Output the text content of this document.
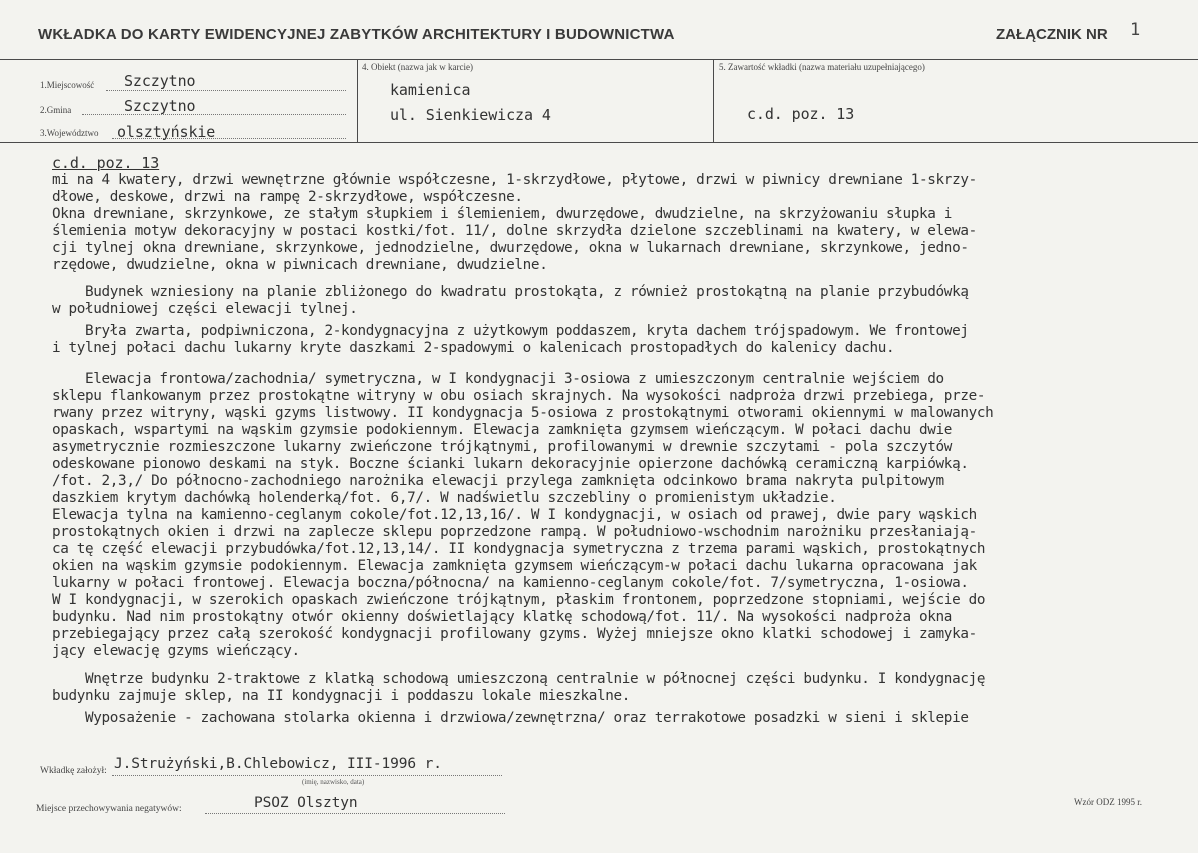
WKŁADKA DO KARTY EWIDENCYJNEJ ZABYTKÓW ARCHITEKTURY I BUDOWNICTWA	ZAŁĄCZNIK NR 1
1.Miejscowość Szczytno
2.Gmina	Szczytno
3.Województwo olsztyńskie
4. Obiekt (nazwa jak w karcie)
kamienica
ul. Sienkiewicza 4
5. Zawartość wkładki (nazwa materiału uzupełniającego)
c.d. poz. 13
c.d. poz. 13
mi na 4 kwatery, drzwi wewnętrzne głównie współczesne, 1-skrzydłowe, płytowe, drzwi w piwnicy drewniane 1-skrzy-
dłowe, deskowe, drzwi na rampę 2-skrzydłowe, współczesne.
Okna drewniane, skrzynkowe, ze stałym słupkiem i ślemieniem, dwurzędowe, dwudzielne, na skrzyżowaniu słupka i
ślemienia motyw dekoracyjny w postaci kostki/fot. 11/, dolne skrzydła dzielone szczeblinami na kwatery, w elewa-
cji tylnej okna drewniane, skrzynkowe, jednodzielne, dwurzędowe, okna w lukarnach drewniane, skrzynkowe, jedno-
rzędowe, dwudzielne, okna w piwnicach drewniane, dwudzielne.
Budynek wzniesiony na planie zbliżonego do kwadratu prostokąta, z również prostokątną na planie przybudówką
w południowej części elewacji tylnej.
Bryła zwarta, podpiwniczona, 2-kondygnacyjna z użytkowym poddaszem, kryta dachem trójspadowym. We frontowej
i tylnej połaci dachu lukarny kryte daszkami 2-spadowymi o kalenicach prostopadłych do kalenicy dachu.
Elewacja frontowa/zachodnia/ symetryczna, w I kondygnacji 3-osiowa z umieszczonym centralnie wejściem do
sklepu flankowanym przez prostokątne witryny w obu osiach skrajnych. Na wysokości nadproża drzwi przebiega, prze-
rwany przez witryny, wąski gzyms listwowy. II kondygnacja 5-osiowa z prostokątnymi otworami okiennymi w malowanych
opaskach, wspartymi na wąskim gzymsie podokiennym. Elewacja zamknięta gzymsem wieńczącym. W połaci dachu dwie
asymetrycznie rozmieszczone lukarny zwieńczone trójkątnymi, profilowanymi w drewnie szczytami - pola szczytów
odeskowane pionowo deskami na styk. Boczne ścianki lukarn dekoracyjnie opierzone dachówką ceramiczną karpiówką.
/fot. 2,3,/ Do północno-zachodniego narożnika elewacji przylega zamknięta odcinkowo brama nakryta pulpitowym
daszkiem krytym dachówką holenderką/fot. 6,7/. W nadświetlu szczebliny o promienistym układzie.
Elewacja tylna na kamienno-ceglanym cokole/fot.12,13,16/. W I kondygnacji, w osiach od prawej, dwie pary wąskich
prostokątnych okien i drzwi na zaplecze sklepu poprzedzone rampą. W południowo-wschodnim narożniku przesłaniają-
ca tę część elewacji przybudówka/fot.12,13,14/. II kondygnacja symetryczna z trzema parami wąskich, prostokątnych
okien na wąskim gzymsie podokiennym. Elewacja zamknięta gzymsem wieńczącym-w połaci dachu lukarna opracowana jak
lukarny w połaci frontowej. Elewacja boczna/północna/ na kamienno-ceglanym cokole/fot. 7/symetryczna, 1-osiowa.
W I kondygnacji, w szerokich opaskach zwieńczone trójkątnym, płaskim frontonem, poprzedzone stopniami, wejście do
budynku. Nad nim prostokątny otwór okienny doświetlający klatkę schodową/fot. 11/. Na wysokości nadproża okna
przebiegający przez całą szerokość kondygnacji profilowany gzyms. Wyżej mniejsze okno klatki schodowej i zamyka-
jący elewację gzyms wieńczący.
Wnętrze budynku 2-traktowe z klatką schodową umieszczoną centralnie w północnej części budynku. I kondygnację
budynku zajmuje sklep, na II kondygnacji i poddaszu lokale mieszkalne.
Wyposażenie - zachowana stolarka okienna i drzwiowa/zewnętrzna/ oraz terrakotowe posadzki w sieni i sklepie
Wkładkę założył: J.Strużyński,B.Chlebowicz, III-1996 r.
(imię, nazwisko, data)
Miejsce przechowywania negatywów:	PSOZ Olsztyn	Wzór ODZ 1995 r.
